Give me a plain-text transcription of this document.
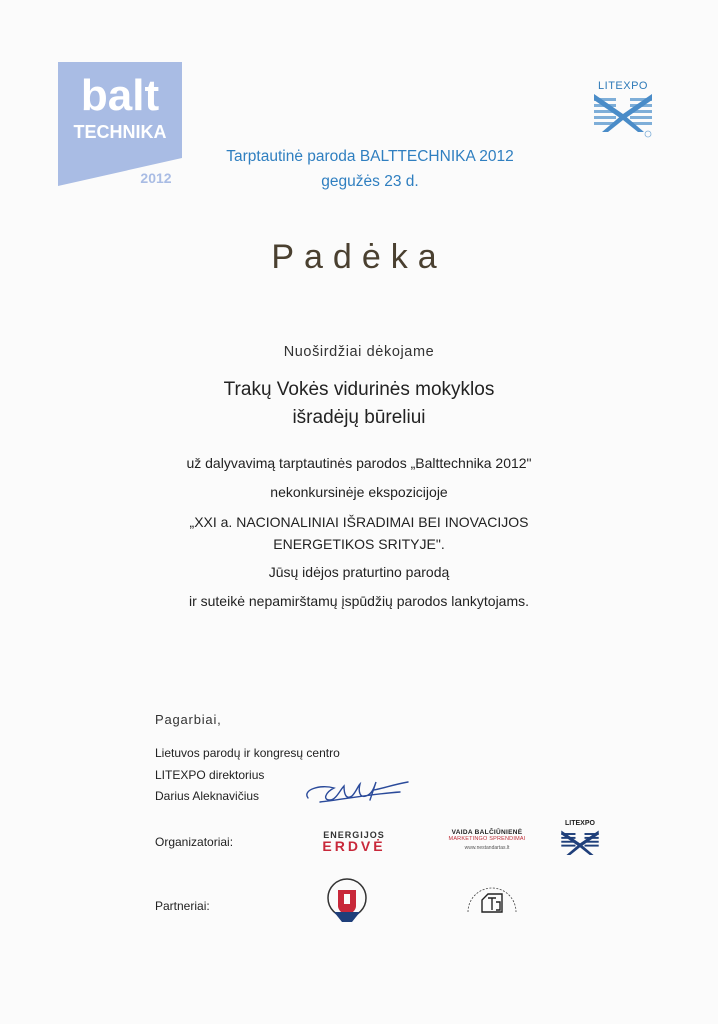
balt
TECHNIKA
2012
LITEXPO
Tarptautinė paroda BALTTECHNIKA 2012
gegužės 23 d.
Padėka
Nuoširdžiai dėkojame
Trakų Vokės vidurinės mokyklos
išradėjų būreliui
už dalyvavimą tarptautinės parodos „Balttechnika 2012"
nekonkursinėje ekspozicijoje
„XXI a. NACIONALINIAI IŠRADIMAI BEI INOVACIJOS
ENERGETIKOS SRITYJE".
Jūsų idėjos praturtino parodą
ir suteikė nepamirštamų įspūdžių parodos lankytojams.
Pagarbiai,
Lietuvos parodų ir kongresų centro
LITEXPO direktorius
Darius Aleknavičius
Organizatoriai:	ENERGIJOS
ERDVĖ
VAIDA BALČIŪNIENĖ
MARKETINGO SPRENDIMAI
www.nestandartas.lt
LITEXPO
Partneriai:
